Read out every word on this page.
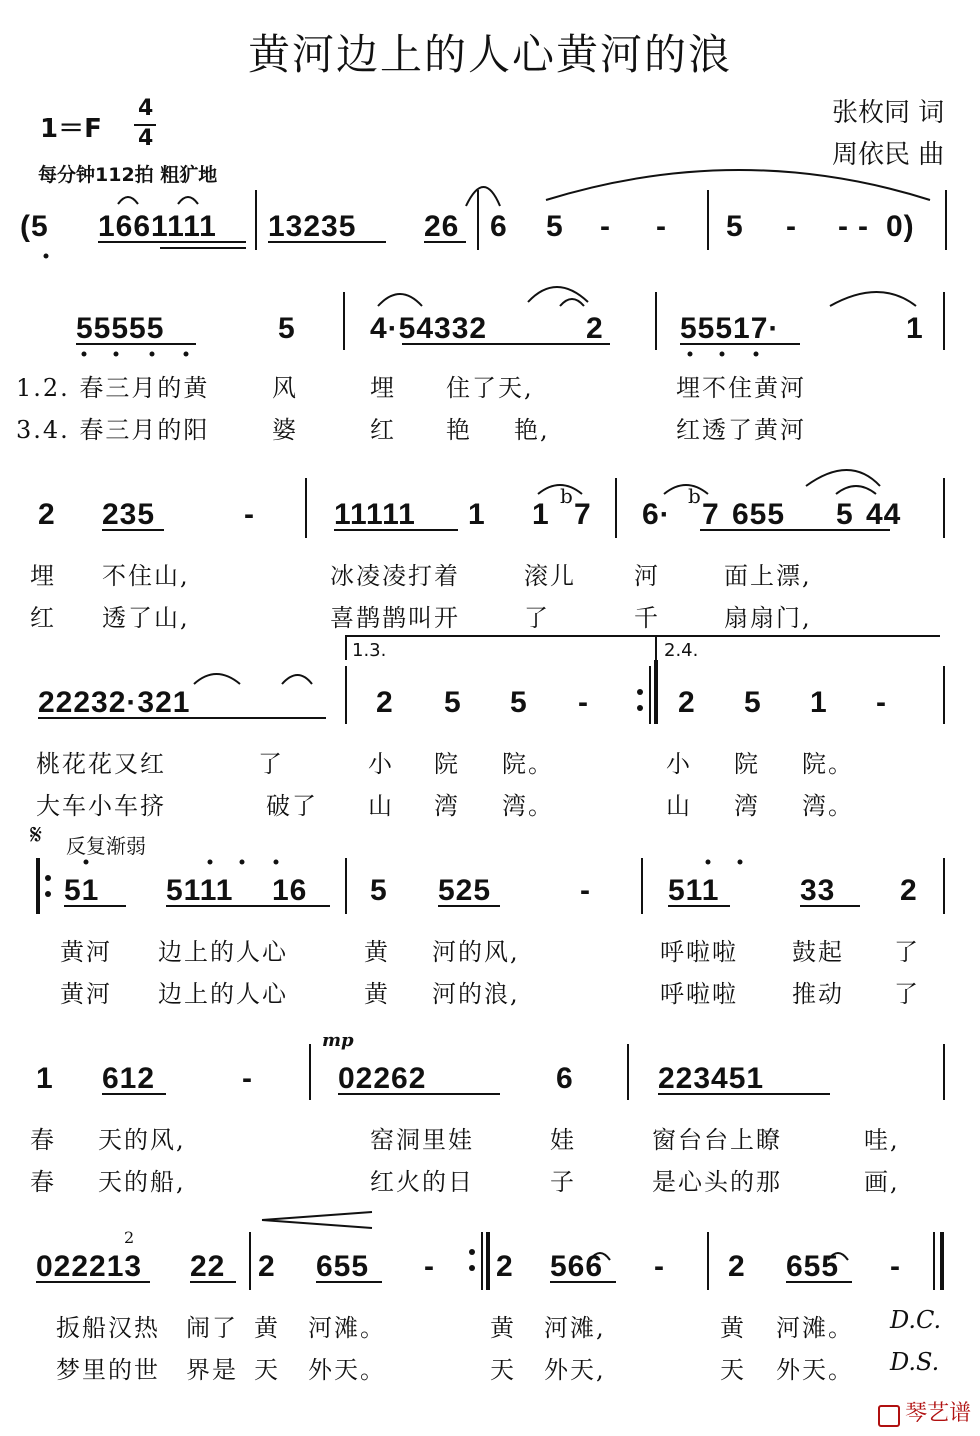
黄河边上的人心黄河的浪
张枚同 词
周依民 曲
1＝F
4
4
每分钟112拍 粗犷地
(5 1661111 13235 26 6 5 - - 5 - - - 0)
55555	5 4·54332	2	55517·	1
1.2. 春三月的黄	风	埋 住了天,	埋不住黄河
3.4. 春三月的阳	婆	红 艳 艳,	红透了黄河
2 235	-	11111 1 1
b
7 6·
b
7 655 5 44
埋 不住山,	冰凌凌打着	滚儿 河	面上漂,
红 透了山,	喜鹊鹊叫开	了	千	扇扇门,
1.3.	2.4.
22232·321	2 5 5 -	2 5 1 -
桃花花又红	了	小 院 院。	小 院 院。
大车小车挤	破了 山 湾 湾。	山 湾 湾。
𝄋 反复渐弱
51 5111 16 5 525	-	511	33 2
黄河 边上的人心	黄 河的风,	呼啦啦 鼓起 了
黄河 边上的人心	黄 河的浪,	呼啦啦 推动 了
mp
1 612	-	02262	6	223451
春 天的风,	窑洞里娃	娃	窗台台上瞭	哇,
春 天的船,	红火的日	子	是心头的那	画,
2
022213 22 2 655 - 2 566 - 2 655 -
扳船汉热 闹了 黄 河滩。	黄 河滩,	黄 河滩。 D.C.
梦里的世 界是 天 外天。	天 外天,	天 外天。 D.S.
琴艺谱
